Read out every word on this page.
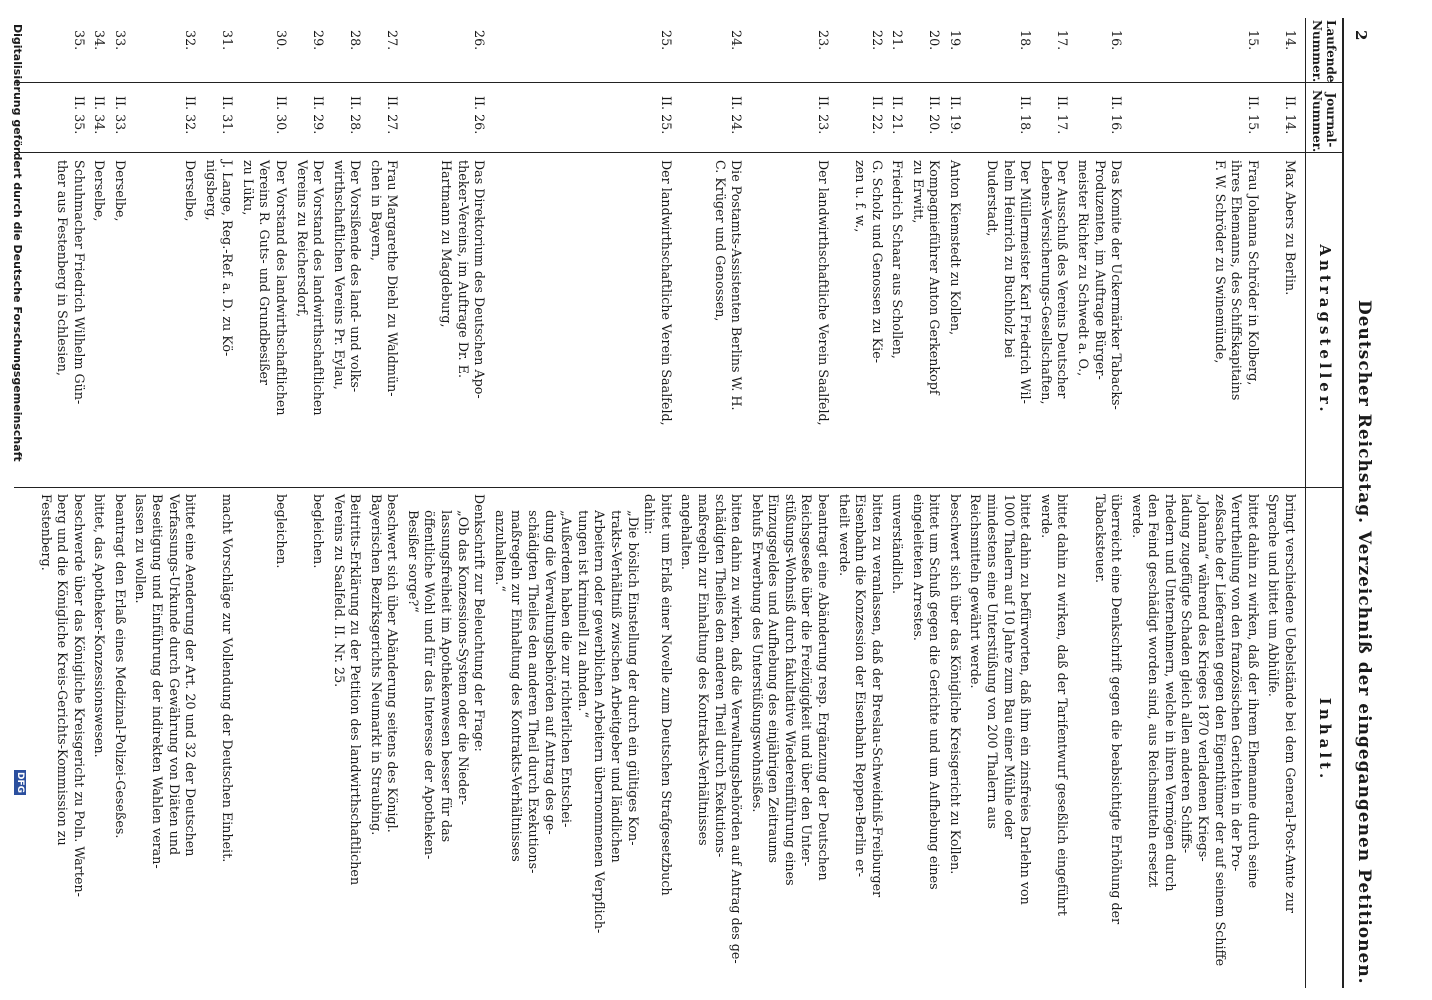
2
Deutscher Reichstag. Verzeichniß der eingegangenen Petitionen.
Laufende
Nummer.
Journal-
Nummer.
Antragsteller.
Inhalt.
14.
II. 14.
Max Abers zu Berlin.
bringt verschiedene Uebelstände bei dem General-Post-Amte zur
Sprache und bittet um Abhülfe.
15.
II. 15.
Frau Johanna Schröder in Kolberg,
ihres Ehemanns, des Schiffskapitains
F. W. Schröder zu Swinemünde,
bittet dahin zu wirken, daß der ihrem Ehemanne durch seine
Verurtheilung von den französischen Gerichten in der Pro-
zeßsache der Lieferanten gegen den Eigenthümer der auf seinem Schiffe
„Johanna“ während des Krieges 1870 verladenen Kriegs-
ladung zugefügte Schaden gleich allen anderen Schiffs-
rhedern und Unternehmern, welche in ihren Vermögen durch
den Feind geschädigt worden sind, aus Reichsmitteln ersetzt
werde.
16.
II. 16.
Das Komite der Uckermärker Tabacks-
Produzenten, im Auftrage Bürger-
meister Richter zu Schwedt a. O.,
überreicht eine Denkschrift gegen die beabsichtigte Erhöhung der
Tabacksteuer.
17.
II. 17.
Der Ausschuß des Vereins Deutscher
Lebens-Versicherungs-Gesellschaften,
bittet dahin zu wirken, daß der Tarifentwurf geseßlich eingeführt
werde.
18.
II. 18.
Der Müllermeister Karl Friedrich Wil-
helm Heinrich zu Buchholz bei
Duderstadt,
bittet dahin zu befürworten, daß ihm ein zinsfreies Darlehn von
1000 Thalern auf 10 Jahre zum Bau einer Mühle oder
mindestens eine Unterstüßung von 200 Thalern aus
Reichsmitteln gewährt werde.
19.
II. 19.
Anton Kiemstedt zu Kollen,
beschwert sich über das Königliche Kreisgericht zu Kollen.
20.
II. 20.
Kompagnieführer Anton Gerkenkopf
zu Erwitt,
bittet um Schuß gegen die Gerichte und um Aufhebung eines
eingeleiteten Arrestes.
21.
II. 21.
Friedrich Schaar aus Schollen,
unverständlich.
22.
II. 22.
G. Scholz und Genossen zu Kie-
zen u. f. w.,
bitten zu veranlassen, daß der Breslau-Schweidniß-Freiburger
Eisenbahn die Konzession der Eisenbahn Reppen-Berlin er-
theilt werde.
23.
II. 23.
Der landwirthschaftliche Verein Saalfeld,
beantragt eine Abänderung resp. Ergänzung der Deutschen
Reichsgeseße über die Freizügigkeit und über den Unter-
stüßungs-Wohnsiß durch fakultative Wiedereinführung eines
Einzugsgeldes und Aufhebung des einjährigen Zeitraums
behufs Erwerbung des Unterstüßungswohnsißes.
24.
II. 24.
Die Postamts-Assistenten Berlins W. H.
C. Krüger und Genossen,
bitten dahin zu wirken, daß die Verwaltungsbehörden auf Antrag des ge-
schädigten Theiles den anderen Theil durch Exekutions-
maßregeln zur Einhaltung des Kontrakts-Verhältnisses
angehalten.
25.
II. 25.
Der landwirthschaftliche Verein Saalfeld,
bittet um Erlaß einer Novelle zum Deutschen Strafgesetzbuch
dahin:
„Die böslich Einstellung der durch ein gültiges Kon-
trakts-Verhältniß zwischen Arbeitgeber und ländlichen
Arbeitern oder gewerblichen Arbeitern übernommenen Verpflich-
tungen ist kriminell zu ahnden.“
„Außerdem haben die zur richterlichen Entschei-
dung die Verwaltungsbehörden auf Antrag des ge-
schädigten Theiles den anderen Theil durch Exekutions-
maßregeln zur Einhaltung des Kontrakts-Verhältnisses
anzuhalten.“
26.
II. 26.
Das Direktorium des Deutschen Apo-
theker-Vereins, im Auftrage Dr. E.
Hartmann zu Magdeburg,
Denkschrift zur Beleuchtung der Frage:
„Ob das Konzessions-System oder die Nieder-
lassungsfreiheit im Apothekenwesen besser für das
öffentliche Wohl und für das Interesse der Apotheken-
Besißer sorge?“
27.
II. 27.
Frau Margarethe Diehl zu Waldmün-
chen in Bayern,
beschwert sich über Abänderung seitens des Königl.
Bayerischen Bezirksgerichts Neumarkt in Straubing.
28.
II. 28.
Der Vorsißende des land- und volks-
wirthschaftlichen Vereins Pr. Eylau,
Beitritts-Erklärung zu der Petition des landwirthschaftlichen
Vereins zu Saalfeld. II. Nr. 25.
29.
II. 29.
Der Vorstand des landwirthschaftlichen
Vereins zu Reichersdorf,
begleichen.
30.
II. 30.
Der Vorstand des landwirthschaftlichen
Vereins R. Guts- und Grundbesißer
zu Lüku,
begleichen.
31.
II. 31.
J. Lange, Reg.-Ref. a. D. zu Kö-
nigsberg,
macht Vorschläge zur Vollendung der Deutschen Einheit.
32.
II. 32.
Derselbe,
bittet eine Aenderung der Art. 20 und 32 der Deutschen
Verfassungs-Urkunde durch Gewährung von Diäten und
Beseitigung und Einführung der indirekten Wahlen veran-
lassen zu wollen.
33.
II. 33.
Derselbe,
beantragt den Erlaß eines Medizinal-Polizei-Geseßes.
34.
II. 34.
Derselbe,
bittet, das Apotheker-Konzessionswesen.
35.
II. 35.
Schuhmacher Friedrich Wilhelm Gün-
ther aus Festenberg in Schlesien,
beschwerde über das Königliche Kreisgericht zu Poln. Warten-
berg und die Königliche Kreis-Gerichts-Kommission zu
Festenberg.
Digitalisierung gefördert durch die Deutsche Forschungsgemeinschaft
DFG
